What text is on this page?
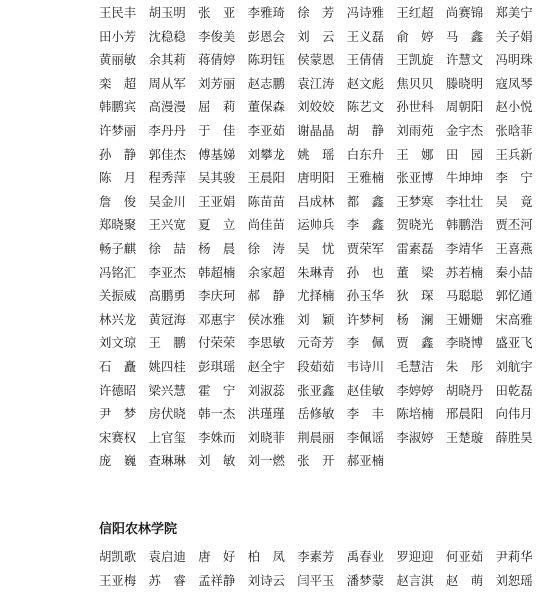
王民丰　胡玉明　张　亚　李雅琦　徐　芳　冯诗雅　王红超　尚赛锦　郑美宁
田小芳　沈稳稳　李俊美　彭恩会　刘　云　王义磊　俞　婷　马　鑫　关子娟
黄丽敏　余其莉　蒋倩婷　陈玥钰　侯蒙恩　王倩倩　王凯旋　许慧文　冯明珠
栾　超　周从军　刘芳丽　赵志鹏　袁江涛　赵文彪　焦贝贝　滕晓明　寇凤琴
韩鹏宾　高漫漫　屈　莉　董保森　刘姣姣　陈艺文　孙世科　周朝阳　赵小悦
许梦丽　李丹丹　于　佳　李亚茹　谢晶晶　胡　静　刘雨苑　金宇杰　张晗菲
孙　静　郭佳杰　傅基娣　刘攀龙　姚　瑶　白东升　王　娜　田　园　王兵新
陈　月　程秀萍　吴其骏　王晨阳　唐明阳　王雅楠　张亚博　牛坤坤　李　宁
詹　俊　吴金川　王亚娟　陈苗苗　吕成林　都　鑫　王梦寒　李壮壮　吴　竟
郑晓聚　王兴宽　夏　立　尚佳苗　运帅兵　李　鑫　贺晓光　韩鹏浩　贾丕河
畅子麒　徐　喆　杨　晨　徐　涛　吴　忧　贾荣军　雷素磊　李靖华　王喜燕
冯铭汇　李亚杰　韩超楠　余家超　朱琳青　孙　也　董　梁　苏若楠　秦小喆
关振威　高鹏勇　李庆珂　郝　静　尤择楠　孙玉华　狄　琛　马聪聪　郭忆通
林兴龙　黄冠海　邓惠宇　侯冰雅　刘　颖　许梦柯　杨　澜　王姗姗　宋高雅
刘文琼　王　鹏　付荣荣　李思敏　元奇芳　李　佩　贾　鑫　李晓博　盛亚飞
石　矗　姚四桂　彭琪瑶　赵全宇　段茹茹　韦诗川　毛慧洁　朱　彤　刘航宇
许德昭　梁兴慧　霍　宁　刘淑蕊　张亚鑫　赵佳敏　李婷婷　胡晓丹　田乾磊
尹　梦　房伏晓　韩一杰　洪瑾瑾　岳修敏　李　丰　陈培楠　邢晨阳　向伟月
宋赛权　上官玺　李姝而　刘晓菲　荆晨丽　李佩谣　李淑婷　王楚璇　薛胜昊
庞　巍　查琳琳　刘　敏　刘一燃　张　开　郝亚楠
信阳农林学院
胡凯歌　袁启迪　唐　好　柏　凤　李素芳　禹春业　罗迎迎　何亚茹　尹莉华
王亚梅　苏　睿　孟祥静　刘诗云　闫平玉　潘梦蒙　赵言淇　赵　萌　刘恕瑶
